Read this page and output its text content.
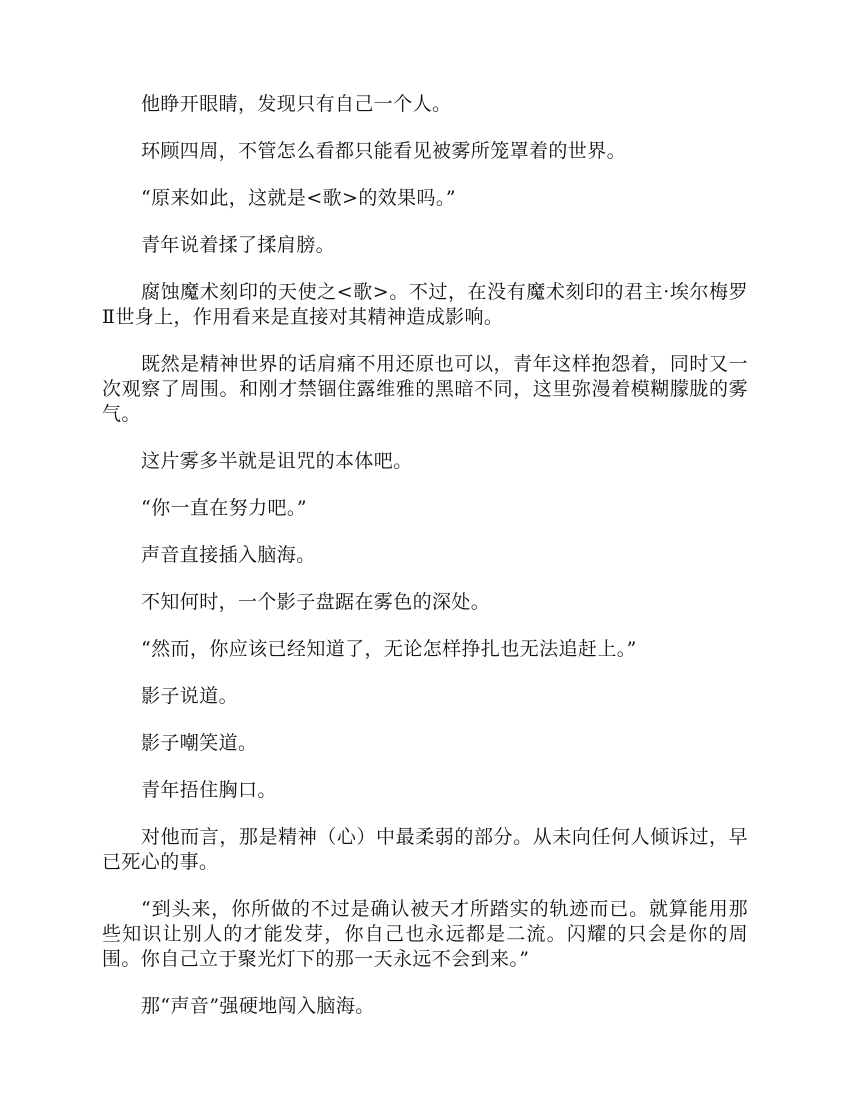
他睁开眼睛，发现只有自己一个人。

环顾四周，不管怎么看都只能看见被雾所笼罩着的世界。

“原来如此，这就是<歌>的效果吗。”

青年说着揉了揉肩膀。

腐蚀魔术刻印的天使之<歌>。不过，在没有魔术刻印的君主·埃尔梅罗Ⅱ世身上，作用看来是直接对其精神造成影响。

既然是精神世界的话肩痛不用还原也可以，青年这样抱怨着，同时又一次观察了周围。和刚才禁锢住露维雅的黑暗不同，这里弥漫着模糊朦胧的雾气。

这片雾多半就是诅咒的本体吧。

“你一直在努力吧。”

声音直接插入脑海。

不知何时，一个影子盘踞在雾色的深处。

“然而，你应该已经知道了，无论怎样挣扎也无法追赶上。”

影子说道。

影子嘲笑道。

青年捂住胸口。

对他而言，那是精神（心）中最柔弱的部分。从未向任何人倾诉过，早已死心的事。

“到头来，你所做的不过是确认被天才所踏实的轨迹而已。就算能用那些知识让别人的才能发芽，你自己也永远都是二流。闪耀的只会是你的周围。你自己立于聚光灯下的那一天永远不会到来。”

那“声音”强硬地闯入脑海。
